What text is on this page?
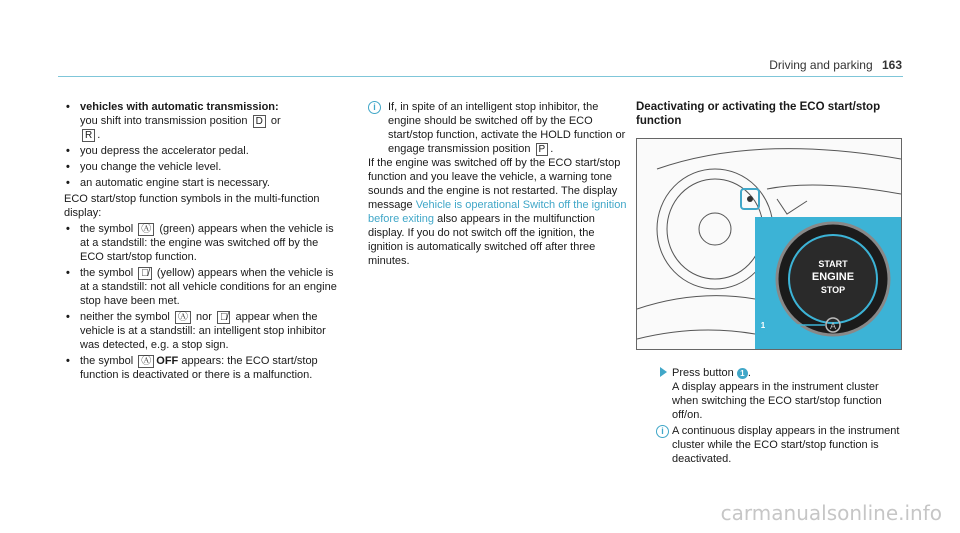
Driving and parking 163
• vehicles with automatic transmission:
you shift into transmission position D or
R .
• you depress the accelerator pedal.
• you change the vehicle level.
• an automatic engine start is necessary.

ECO start/stop function symbols in the multi-function display:

• the symbol Ⓐ (green) appears when the vehicle is at a standstill: the engine was switched off by the ECO start/stop function.
• the symbol Ⓐ̸ (yellow) appears when the vehicle is at a standstill: not all vehicle conditions for an engine stop have been met.
• neither the symbol Ⓐ nor Ⓐ̸ appear when the vehicle is at a standstill: an intelligent stop inhibitor was detected, e.g. a stop sign.
• the symbol Ⓐ OFF appears: the ECO start/stop function is deactivated or there is a malfunction.
i	If, in spite of an intelligent stop inhibitor, the engine should be switched off by the ECO start/stop function, activate the HOLD function or engage transmission position P .

If the engine was switched off by the ECO start/stop function and you leave the vehicle, a warning tone sounds and the engine is not restarted. The display message Vehicle is operational Switch off the ignition before exiting also appears in the multifunction display. If you do not switch off the ignition, the ignition is automatically switched off after three minutes.

Deactivating or activating the ECO start/stop function
START
ENGINE
STOP
A
1
Press button 1 .
A display appears in the instrument cluster when switching the ECO start/stop function off/on.
i A continuous display appears in the instrument cluster while the ECO start/stop function is deactivated.
carmanualsonline.info
